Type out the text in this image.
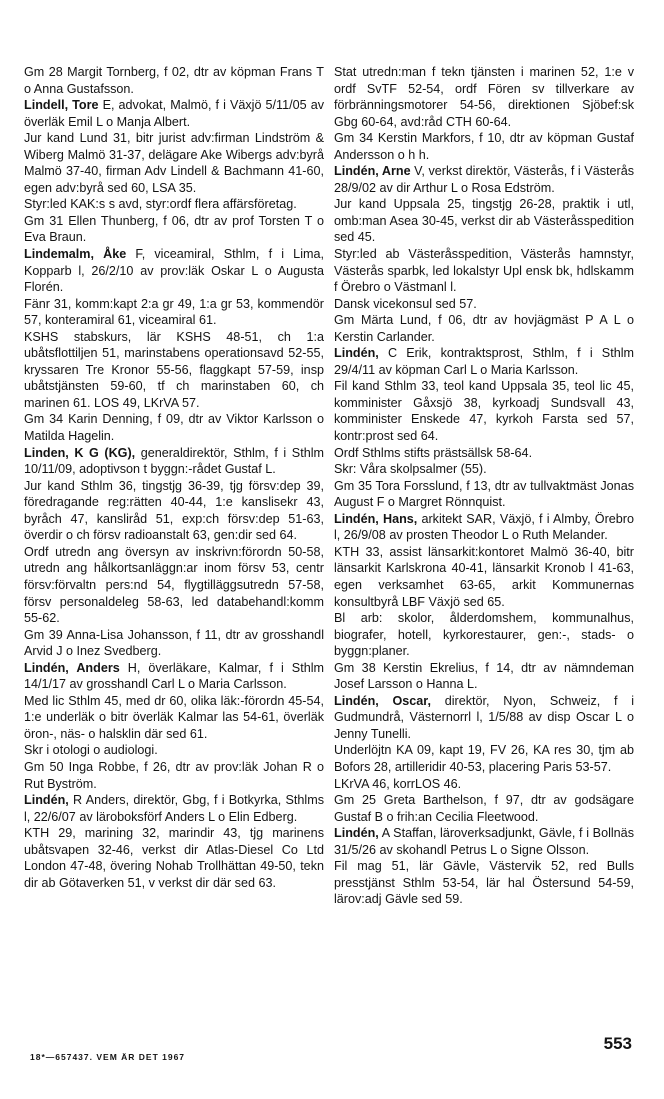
Gm 28 Margit Tornberg, f 02, dtr av köpman Frans T o Anna Gustafsson.

Lindell, Tore E, advokat, Malmö, f i Växjö 5/11/05 av överläk Emil L o Manja Albert.

Jur kand Lund 31, bitr jurist adv:firman Lindström & Wiberg Malmö 31-37, delägare Ake Wibergs adv:byrå Malmö 37-40, firman Adv Lindell & Bachmann 41-60, egen adv:byrå sed 60, LSA 35.

Styr:led KAK:s s avd, styr:ordf flera affärsföretag.

Gm 31 Ellen Thunberg, f 06, dtr av prof Torsten T o Eva Braun.

Lindemalm, Åke F, viceamiral, Sthlm, f i Lima, Kopparb l, 26/2/10 av prov:läk Oskar L o Augusta Florén.

Fänr 31, komm:kapt 2:a gr 49, 1:a gr 53, kommendör 57, konteramiral 61, viceamiral 61.

KSHS stabskurs, lär KSHS 48-51, ch 1:a ubåtsflottiljen 51, marinstabens operationsavd 52-55, kryssaren Tre Kronor 55-56, flaggkapt 57-59, insp ubåtstjänsten 59-60, tf ch marinstaben 60, ch marinen 61. LOS 49, LKrVA 57.

Gm 34 Karin Denning, f 09, dtr av Viktor Karlsson o Matilda Hagelin.

Linden, K G (KG), generaldirektör, Sthlm, f i Sthlm 10/11/09, adoptivson t byggn:-rådet Gustaf L.

Jur kand Sthlm 36, tingstjg 36-39, tjg försv:dep 39, föredragande reg:rätten 40-44, 1:e kanslisekr 43, byråch 47, kansliråd 51, exp:ch försv:dep 51-63, överdir o ch försv radioanstalt 63, gen:dir sed 64.

Ordf utredn ang översyn av inskrivn:förordn 50-58, utredn ang hålkortsanläggn:ar inom försv 53, centr försv:förvaltn pers:nd 54, flygtilläggsutredn 57-58, försv personaldeleg 58-63, led databehandl:komm 55-62.

Gm 39 Anna-Lisa Johansson, f 11, dtr av grosshandl Arvid J o Inez Svedberg.

Lindén, Anders H, överläkare, Kalmar, f i Sthlm 14/1/17 av grosshandl Carl L o Maria Carlsson.

Med lic Sthlm 45, med dr 60, olika läk:-förordn 45-54, 1:e underläk o bitr överläk Kalmar las 54-61, överläk öron-, näs- o halsklin där sed 61.

Skr i otologi o audiologi.

Gm 50 Inga Robbe, f 26, dtr av prov:läk Johan R o Rut Byström.

Lindén, R Anders, direktör, Gbg, f i Botkyrka, Sthlms l, 22/6/07 av läroboksförf Anders L o Elin Edberg.

KTH 29, marining 32, marindir 43, tjg marinens ubåtsvapen 32-46, verkst dir Atlas-Diesel Co Ltd London 47-48, övering Nohab Trollhättan 49-50, tekn dir ab Götaverken 51, v verkst dir där sed 63.

Stat utredn:man f tekn tjänsten i marinen 52, 1:e v ordf SvTF 52-54, ordf Fören sv tillverkare av förbränningsmotorer 54-56, direktionen Sjöbef:sk Gbg 60-64, avd:råd CTH 60-64.

Gm 34 Kerstin Markfors, f 10, dtr av köpman Gustaf Andersson o h h.

Lindén, Arne V, verkst direktör, Västerås, f i Västerås 28/9/02 av dir Arthur L o Rosa Edström.

Jur kand Uppsala 25, tingstjg 26-28, praktik i utl, omb:man Asea 30-45, verkst dir ab Västeråsspedition sed 45.

Styr:led ab Västeråsspedition, Västerås hamnstyr, Västerås sparbk, led lokalstyr Upl ensk bk, hdlskamm f Örebro o Västmanl l.

Dansk vicekonsul sed 57.

Gm Märta Lund, f 06, dtr av hovjägmäst P A L o Kerstin Carlander.

Lindén, C Erik, kontraktsprost, Sthlm, f i Sthlm 29/4/11 av köpman Carl L o Maria Karlsson.

Fil kand Sthlm 33, teol kand Uppsala 35, teol lic 45, komminister Gåxsjö 38, kyrkoadj Sundsvall 43, komminister Enskede 47, kyrkoh Farsta sed 57, kontr:prost sed 64.

Ordf Sthlms stifts prästsällsk 58-64.

Skr: Våra skolpsalmer (55).

Gm 35 Tora Forsslund, f 13, dtr av tullvaktmäst Jonas August F o Margret Rönnquist.

Lindén, Hans, arkitekt SAR, Växjö, f i Almby, Örebro l, 26/9/08 av prosten Theodor L o Ruth Melander.

KTH 33, assist länsarkit:kontoret Malmö 36-40, bitr länsarkit Karlskrona 40-41, länsarkit Kronob l 41-63, egen verksamhet 63-65, arkit Kommunernas konsultbyrå LBF Växjö sed 65.

Bl arb: skolor, ålderdomshem, kommunalhus, biografer, hotell, kyrkorestaurer, gen:-, stads- o byggn:planer.

Gm 38 Kerstin Ekrelius, f 14, dtr av nämndeman Josef Larsson o Hanna L.

Lindén, Oscar, direktör, Nyon, Schweiz, f i Gudmundrå, Västernorrl l, 1/5/88 av disp Oscar L o Jenny Tunelli.

Underlöjtn KA 09, kapt 19, FV 26, KA res 30, tjm ab Bofors 28, artilleridir 40-53, placering Paris 53-57.

LKrVA 46, korrLOS 46.

Gm 25 Greta Barthelson, f 97, dtr av godsägare Gustaf B o frih:an Cecilia Fleetwood.

Lindén, A Staffan, läroverksadjunkt, Gävle, f i Bollnäs 31/5/26 av skohandl Petrus L o Signe Olsson.

Fil mag 51, lär Gävle, Västervik 52, red Bulls presstjänst Sthlm 53-54, lär hal Östersund 54-59, lärov:adj Gävle sed 59.

18*—657437. VEM ÄR DET 1967
553
